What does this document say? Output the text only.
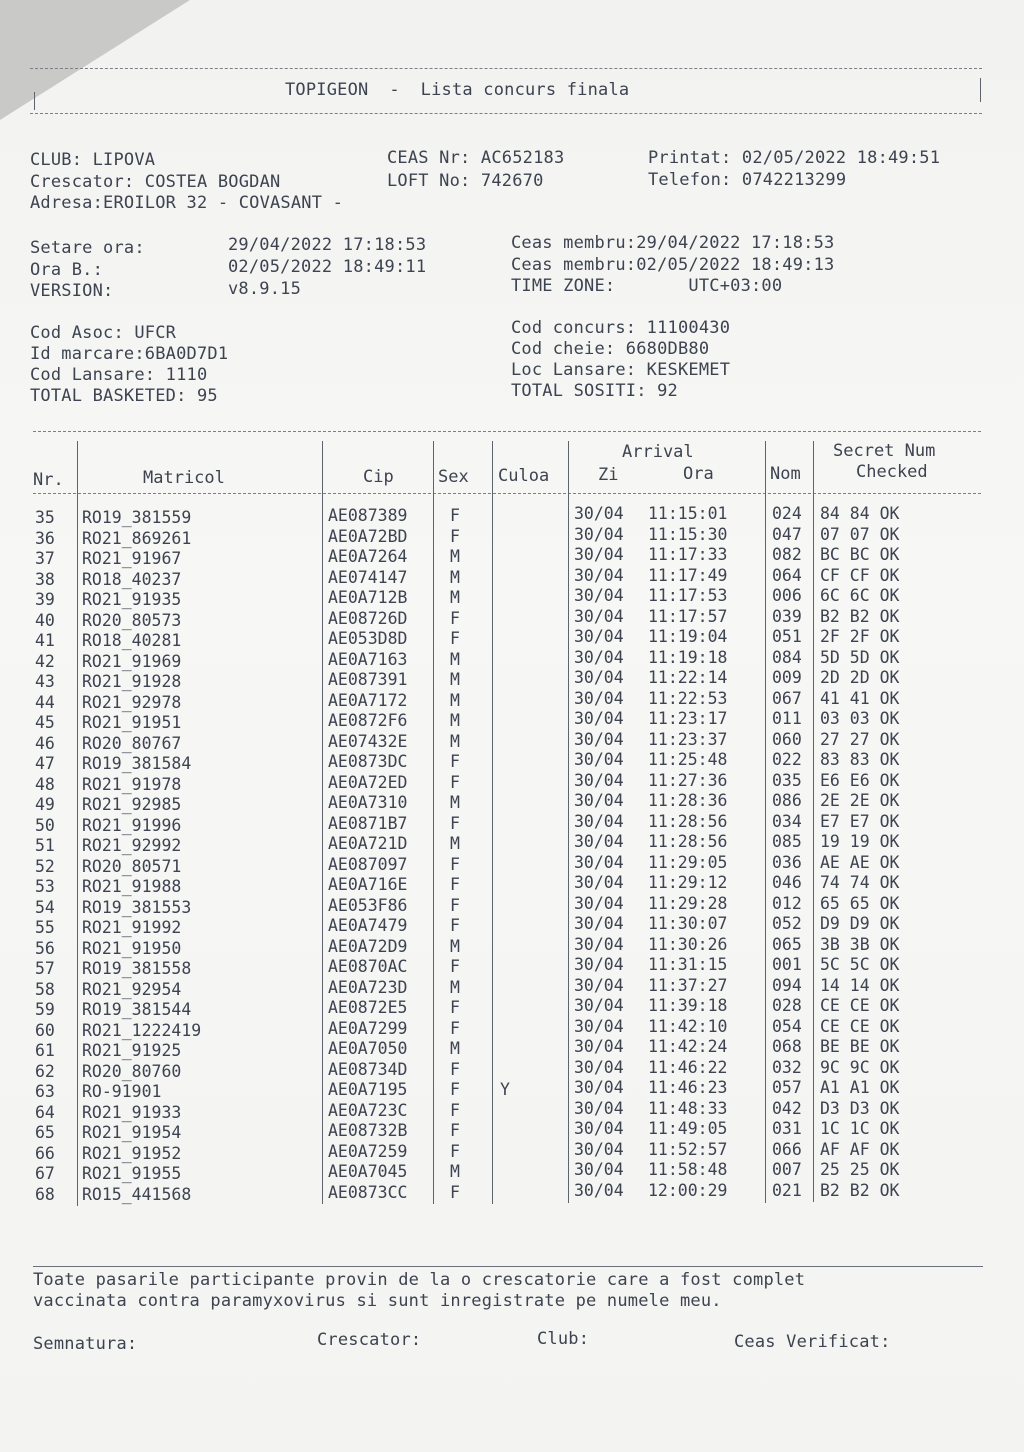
TOPIGEON  -  Lista concurs finala
CLUB: LIPOVA
Crescator: COSTEA BOGDAN
Adresa:EROILOR 32 - COVASANT -
CEAS Nr: AC652183
LOFT No: 742670
Printat: 02/05/2022 18:49:51
Telefon: 0742213299
Setare ora:	29/04/2022 17:18:53
Ora B.:	02/05/2022 18:49:11
VERSION:	v8.9.15
Ceas membru:29/04/2022 17:18:53
Ceas membru:02/05/2022 18:49:13
TIME ZONE:       UTC+03:00
Cod Asoc: UFCR
Id marcare:6BA0D7D1
Cod Lansare: 1110
TOTAL BASKETED: 95
Cod concurs: 11100430
Cod cheie: 6680DB80
Loc Lansare: KESKEMET
TOTAL SOSITI: 92
Nr.	Matricol	Cip	Sex Culoa
Arrival
Zi	Ora	Nom
Secret Num
Checked
35 RO19_381559	AE087389	F	30/04 11:15:01	024 84 84 OK
36 RO21_869261	AE0A72BD	F	30/04 11:15:30	047 07 07 OK
37 RO21_91967	AE0A7264	M	30/04 11:17:33	082 BC BC OK
38 RO18_40237	AE074147	M	30/04 11:17:49	064 CF CF OK
39 RO21_91935	AE0A712B	M	30/04 11:17:53	006 6C 6C OK
40 RO20_80573	AE08726D	F	30/04 11:17:57	039 B2 B2 OK
41 RO18_40281	AE053D8D	F	30/04 11:19:04	051 2F 2F OK
42 RO21_91969	AE0A7163	M	30/04 11:19:18	084 5D 5D OK
43 RO21_91928	AE087391	M	30/04 11:22:14	009 2D 2D OK
44 RO21_92978	AE0A7172	M	30/04 11:22:53	067 41 41 OK
45 RO21_91951	AE0872F6	M	30/04 11:23:17	011 03 03 OK
46 RO20_80767	AE07432E	M	30/04 11:23:37	060 27 27 OK
47 RO19_381584	AE0873DC	F	30/04 11:25:48	022 83 83 OK
48 RO21_91978	AE0A72ED	F	30/04 11:27:36	035 E6 E6 OK
49 RO21_92985	AE0A7310	M	30/04 11:28:36	086 2E 2E OK
50 RO21_91996	AE0871B7	F	30/04 11:28:56	034 E7 E7 OK
51 RO21_92992	AE0A721D	M	30/04 11:28:56	085 19 19 OK
52 RO20_80571	AE087097	F	30/04 11:29:05	036 AE AE OK
53 RO21_91988	AE0A716E	F	30/04 11:29:12	046 74 74 OK
54 RO19_381553	AE053F86	F	30/04 11:29:28	012 65 65 OK
55 RO21_91992	AE0A7479	F	30/04 11:30:07	052 D9 D9 OK
56 RO21_91950	AE0A72D9	M	30/04 11:30:26	065 3B 3B OK
57 RO19_381558	AE0870AC	F	30/04 11:31:15	001 5C 5C OK
58 RO21_92954	AE0A723D	M	30/04 11:37:27	094 14 14 OK
59 RO19_381544	AE0872E5	F	30/04 11:39:18	028 CE CE OK
60 RO21_1222419	AE0A7299	F	30/04 11:42:10	054 CE CE OK
61 RO21_91925	AE0A7050	M	30/04 11:42:24	068 BE BE OK
62 RO20_80760	AE08734D	F	30/04 11:46:22	032 9C 9C OK
63 RO-91901	AE0A7195	F Y	30/04 11:46:23	057 A1 A1 OK
64 RO21_91933	AE0A723C	F	30/04 11:48:33	042 D3 D3 OK
65 RO21_91954	AE08732B	F	30/04 11:49:05	031 1C 1C OK
66 RO21_91952	AE0A7259	F	30/04 11:52:57	066 AF AF OK
67 RO21_91955	AE0A7045	M	30/04 11:58:48	007 25 25 OK
68 RO15_441568	AE0873CC	F	30/04 12:00:29	021 B2 B2 OK
Toate pasarile participante provin de la o crescatorie care a fost complet
vaccinata contra paramyxovirus si sunt inregistrate pe numele meu.
Semnatura:	Crescator:	Club:	Ceas Verificat:
